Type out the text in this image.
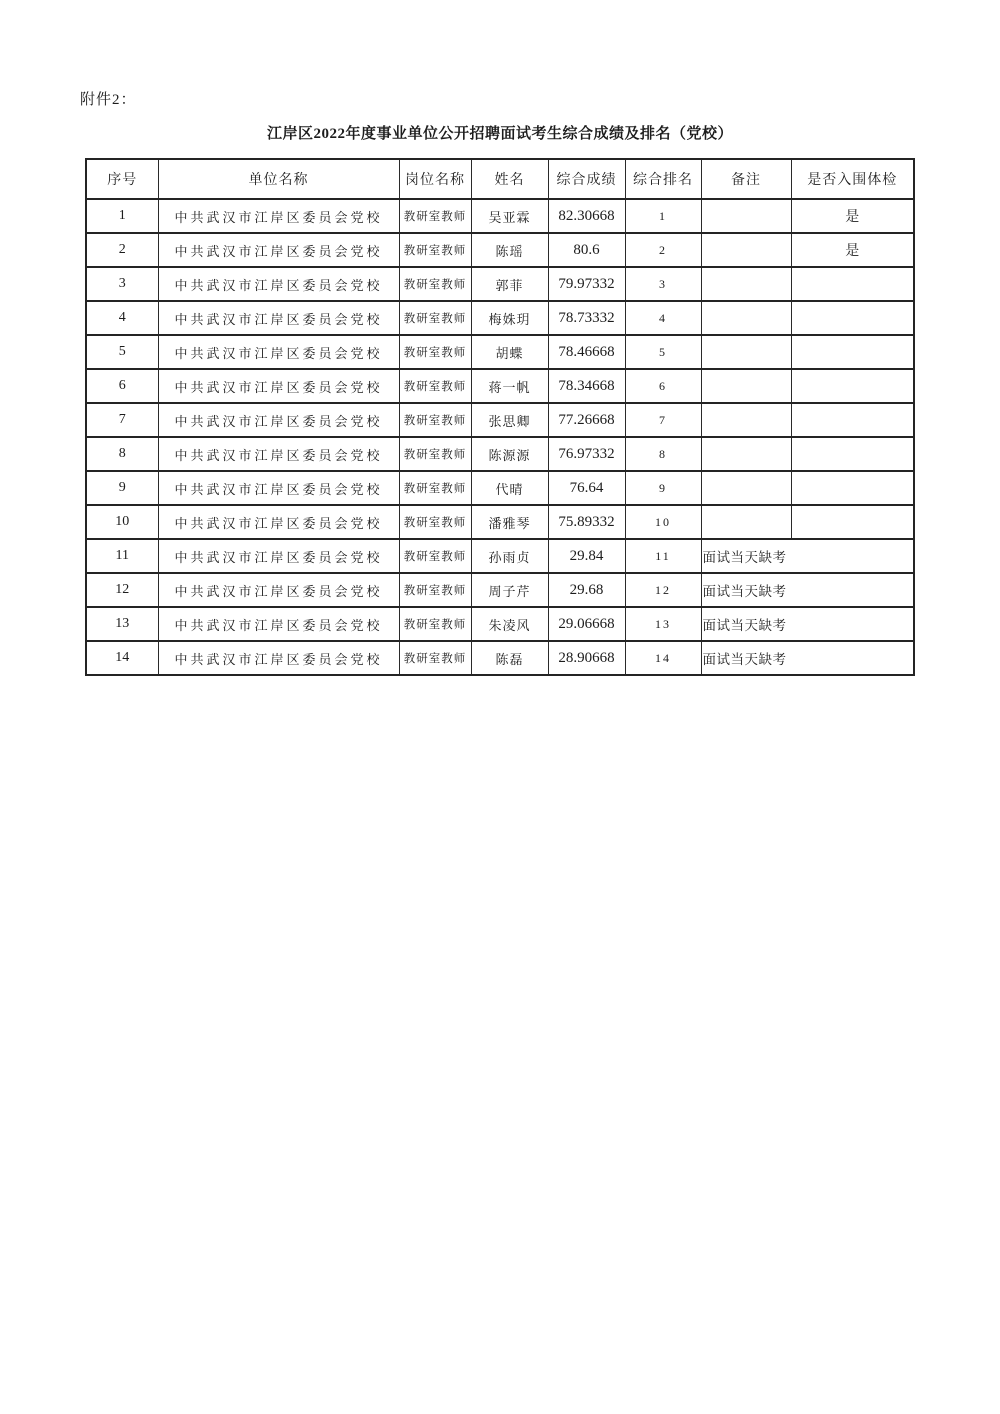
附件2：
江岸区2022年度事业单位公开招聘面试考生综合成绩及排名（党校）
序号	单位名称	岗位名称	姓名	综合成绩	综合排名	备注	是否入围体检
1	中共武汉市江岸区委员会党校	教研室教师	吴亚霖	82.30668	1		是
2	中共武汉市江岸区委员会党校	教研室教师	陈瑶	80.6	2		是
3	中共武汉市江岸区委员会党校	教研室教师	郭菲	79.97332	3		
4	中共武汉市江岸区委员会党校	教研室教师	梅姝玥	78.73332	4		
5	中共武汉市江岸区委员会党校	教研室教师	胡蝶	78.46668	5		
6	中共武汉市江岸区委员会党校	教研室教师	蒋一帆	78.34668	6		
7	中共武汉市江岸区委员会党校	教研室教师	张思卿	77.26668	7		
8	中共武汉市江岸区委员会党校	教研室教师	陈源源	76.97332	8		
9	中共武汉市江岸区委员会党校	教研室教师	代晴	76.64	9		
10	中共武汉市江岸区委员会党校	教研室教师	潘雅琴	75.89332	10		
11	中共武汉市江岸区委员会党校	教研室教师	孙雨贞	29.84	11	面试当天缺考	
12	中共武汉市江岸区委员会党校	教研室教师	周子芹	29.68	12	面试当天缺考	
13	中共武汉市江岸区委员会党校	教研室教师	朱凌风	29.06668	13	面试当天缺考	
14	中共武汉市江岸区委员会党校	教研室教师	陈磊	28.90668	14	面试当天缺考	
